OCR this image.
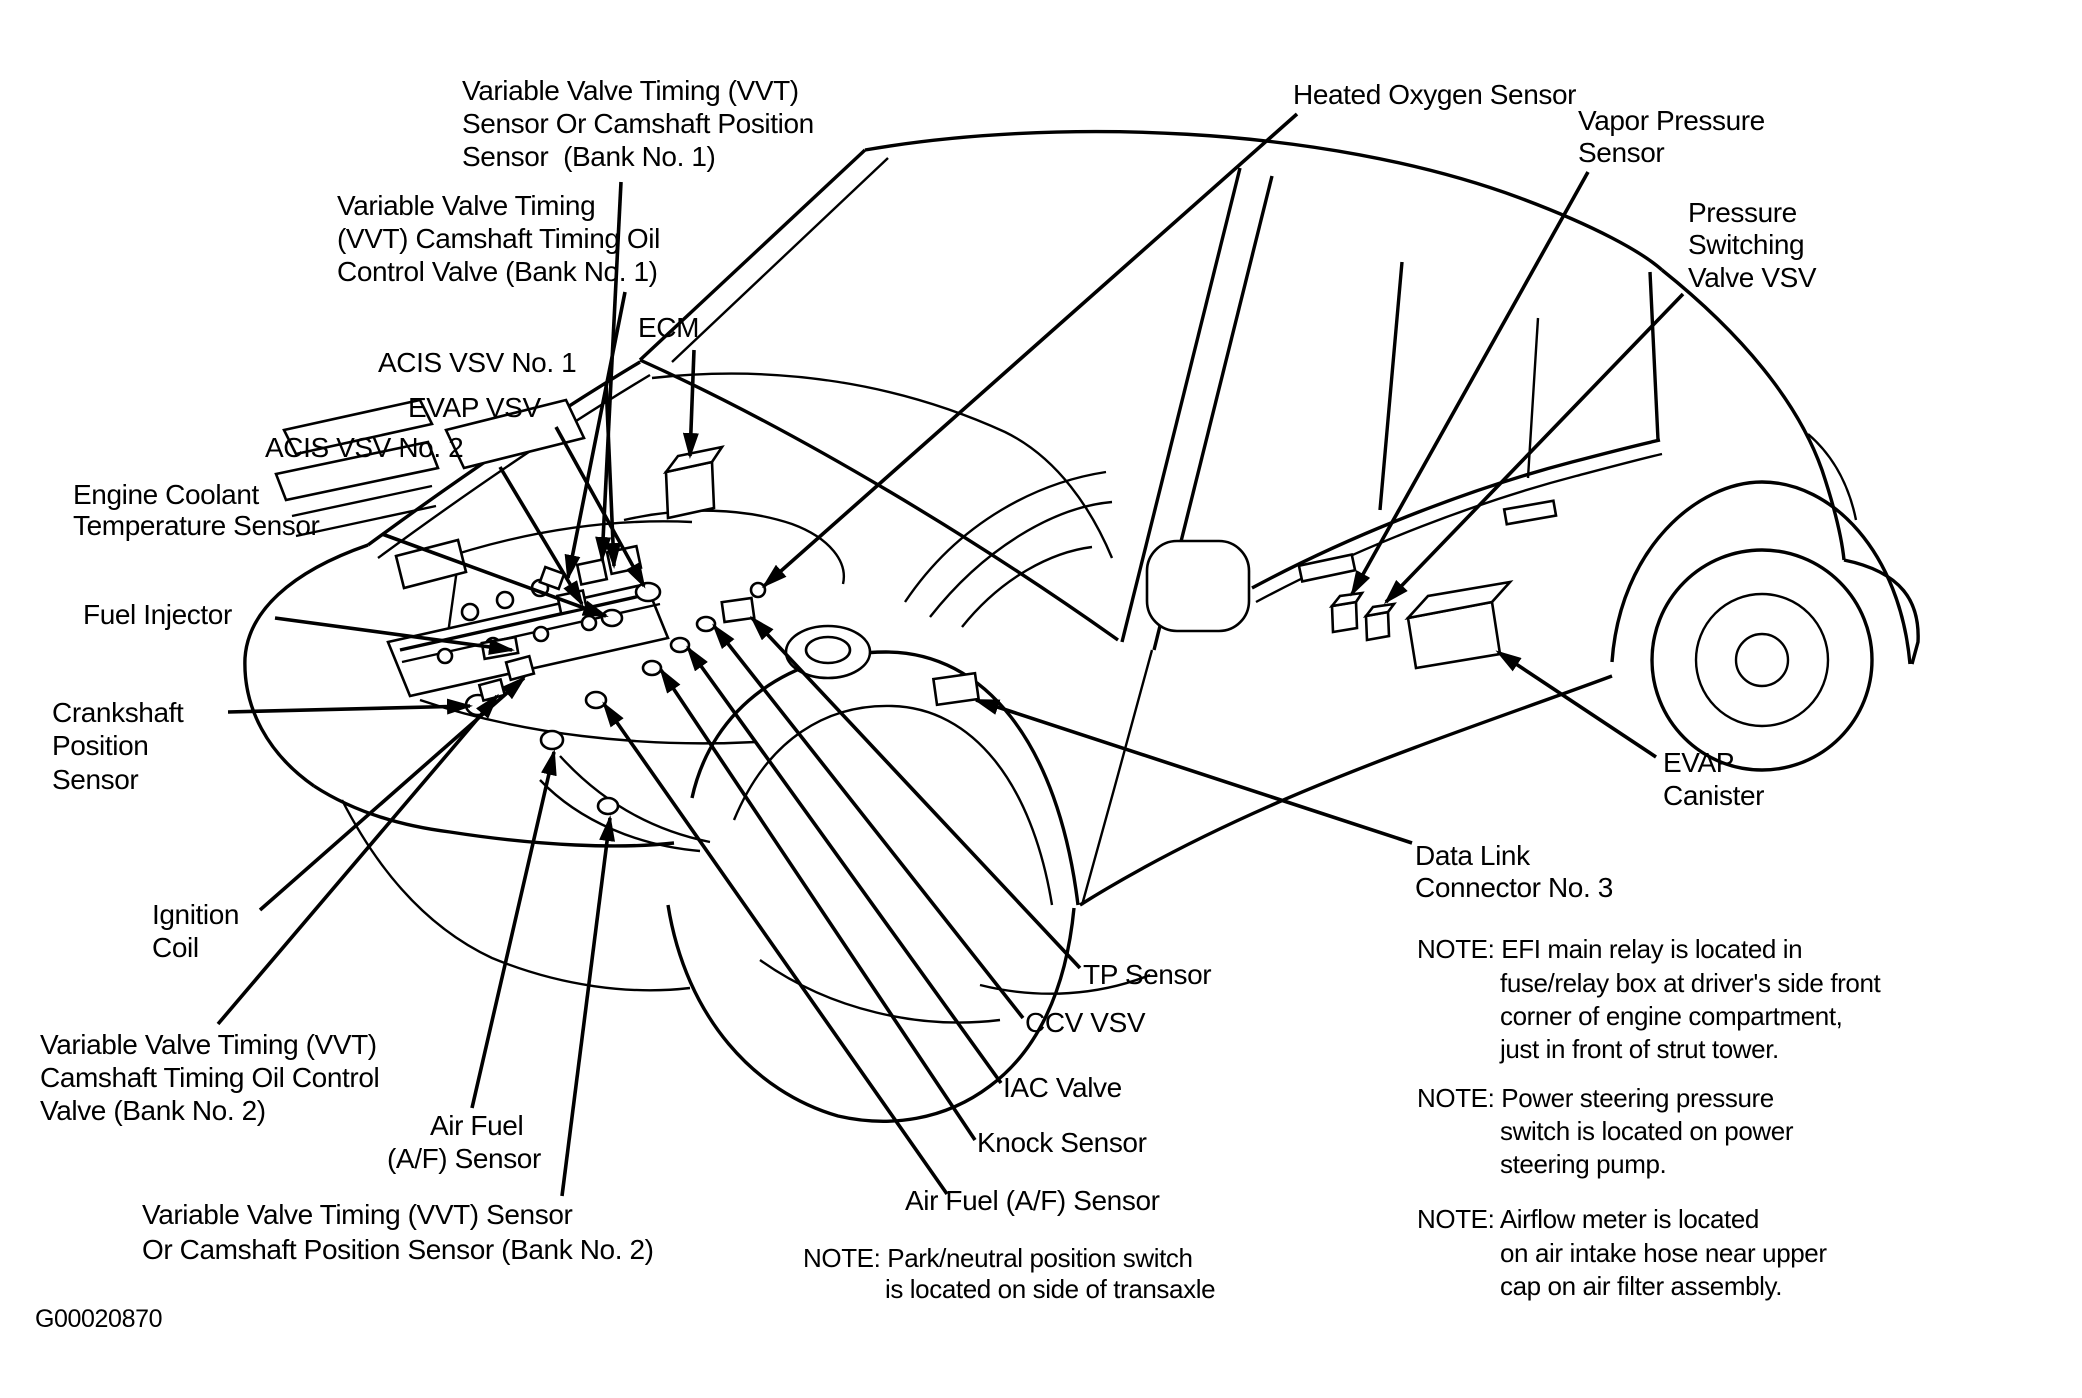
Variable Valve Timing (VVT)
Sensor Or Camshaft Position
Sensor  (Bank No. 1)
Variable Valve Timing
(VVT) Camshaft Timing Oil
Control Valve (Bank No. 1)
ECM
ACIS VSV No. 1
EVAP VSV
ACIS VSV No. 2
Engine Coolant
Temperature Sensor
Fuel Injector
Crankshaft
Position
Sensor
Ignition
Coil
Variable Valve Timing (VVT)
Camshaft Timing Oil Control
Valve (Bank No. 2)	Air Fuel
(A/F) Sensor
Variable Valve Timing (VVT) Sensor
Or Camshaft Position Sensor (Bank No. 2)
Heated Oxygen Sensor
Vapor Pressure
Sensor
Pressure
Switching
Valve VSV
EVAP
Canister
Data Link
Connector No. 3
TP Sensor
CCV VSV
IAC Valve
Knock Sensor
Air Fuel (A/F) Sensor
NOTE: Park/neutral position switch
is located on side of transaxle
NOTE: EFI main relay is located in
fuse/relay box at driver's side front
corner of engine compartment,
just in front of strut tower.
NOTE: Power steering pressure
switch is located on power
steering pump.
NOTE: Airflow meter is located
on air intake hose near upper
cap on air filter assembly.
G00020870
